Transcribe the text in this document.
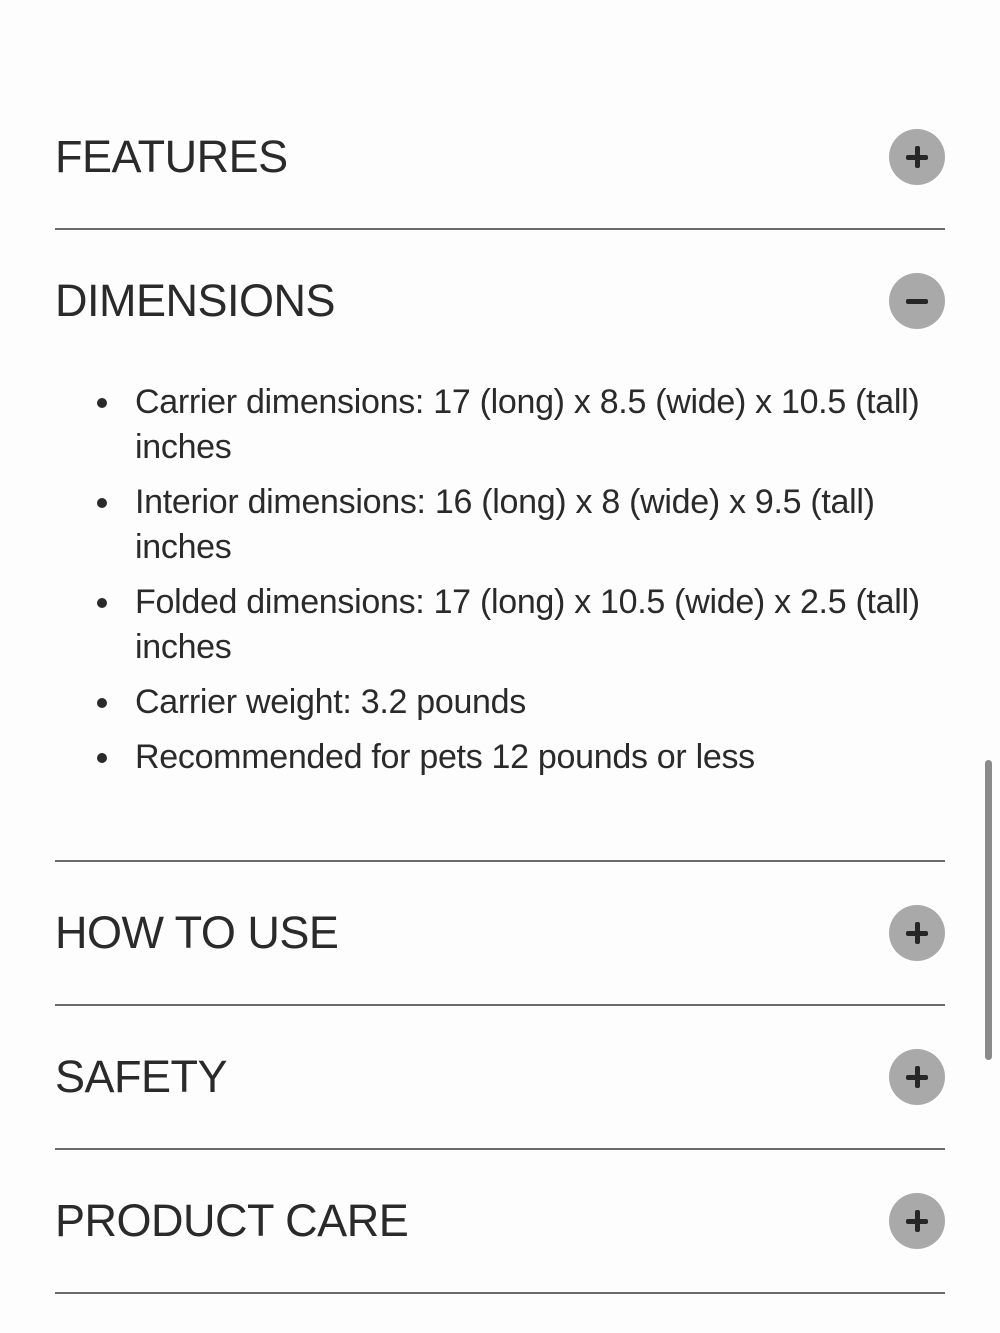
FEATURES
DIMENSIONS
Carrier dimensions: 17 (long) x 8.5 (wide) x 10.5 (tall) inches
Interior dimensions: 16 (long) x 8 (wide) x 9.5 (tall) inches
Folded dimensions: 17 (long) x 10.5 (wide) x 2.5 (tall) inches
Carrier weight: 3.2 pounds
Recommended for pets 12 pounds or less
HOW TO USE
SAFETY
PRODUCT CARE
